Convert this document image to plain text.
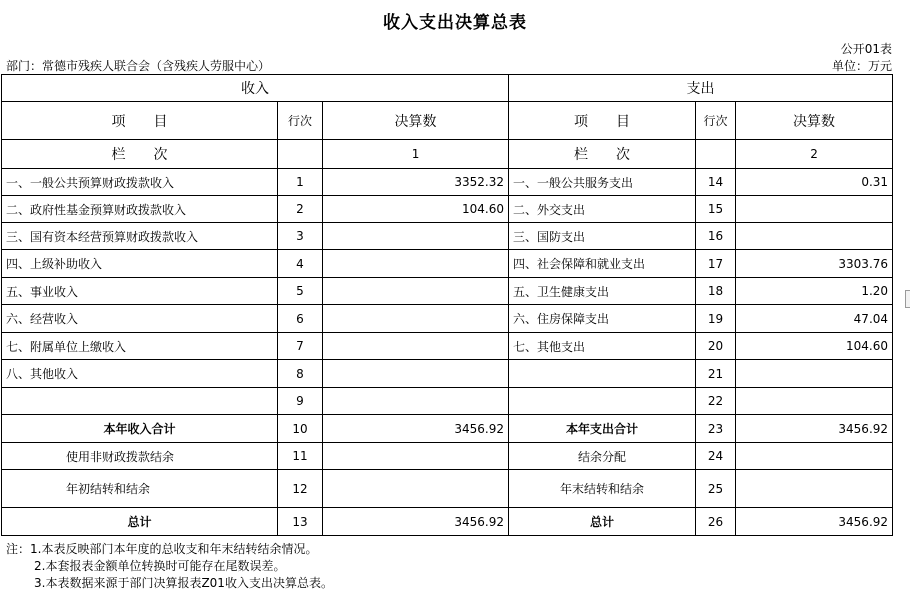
收入支出决算总表
公开01表
部门：常德市残疾人联合会（含残疾人劳服中心）	单位：万元
收入			支出		
项　　目	行次	决算数	项　　目	行次	决算数
栏　　次		1	栏　　次		2
一、一般公共预算财政拨款收入	1	3352.32	一、一般公共服务支出	14	0.31
二、政府性基金预算财政拨款收入	2	104.60	二、外交支出	15	
三、国有资本经营预算财政拨款收入	3		三、国防支出	16	
四、上级补助收入	4		四、社会保障和就业支出	17	3303.76
五、事业收入	5		五、卫生健康支出	18	1.20
六、经营收入	6		六、住房保障支出	19	47.04
七、附属单位上缴收入	7		七、其他支出	20	104.60
八、其他收入	8			21	
	9			22	
本年收入合计	10	3456.92	本年支出合计	23	3456.92
使用非财政拨款结余	11		结余分配	24	
年初结转和结余	12		年末结转和结余	25	
总计	13	3456.92	总计	26	3456.92
注：1.本表反映部门本年度的总收支和年末结转结余情况。
2.本套报表金额单位转换时可能存在尾数误差。
3.本表数据来源于部门决算报表Z01收入支出决算总表。
